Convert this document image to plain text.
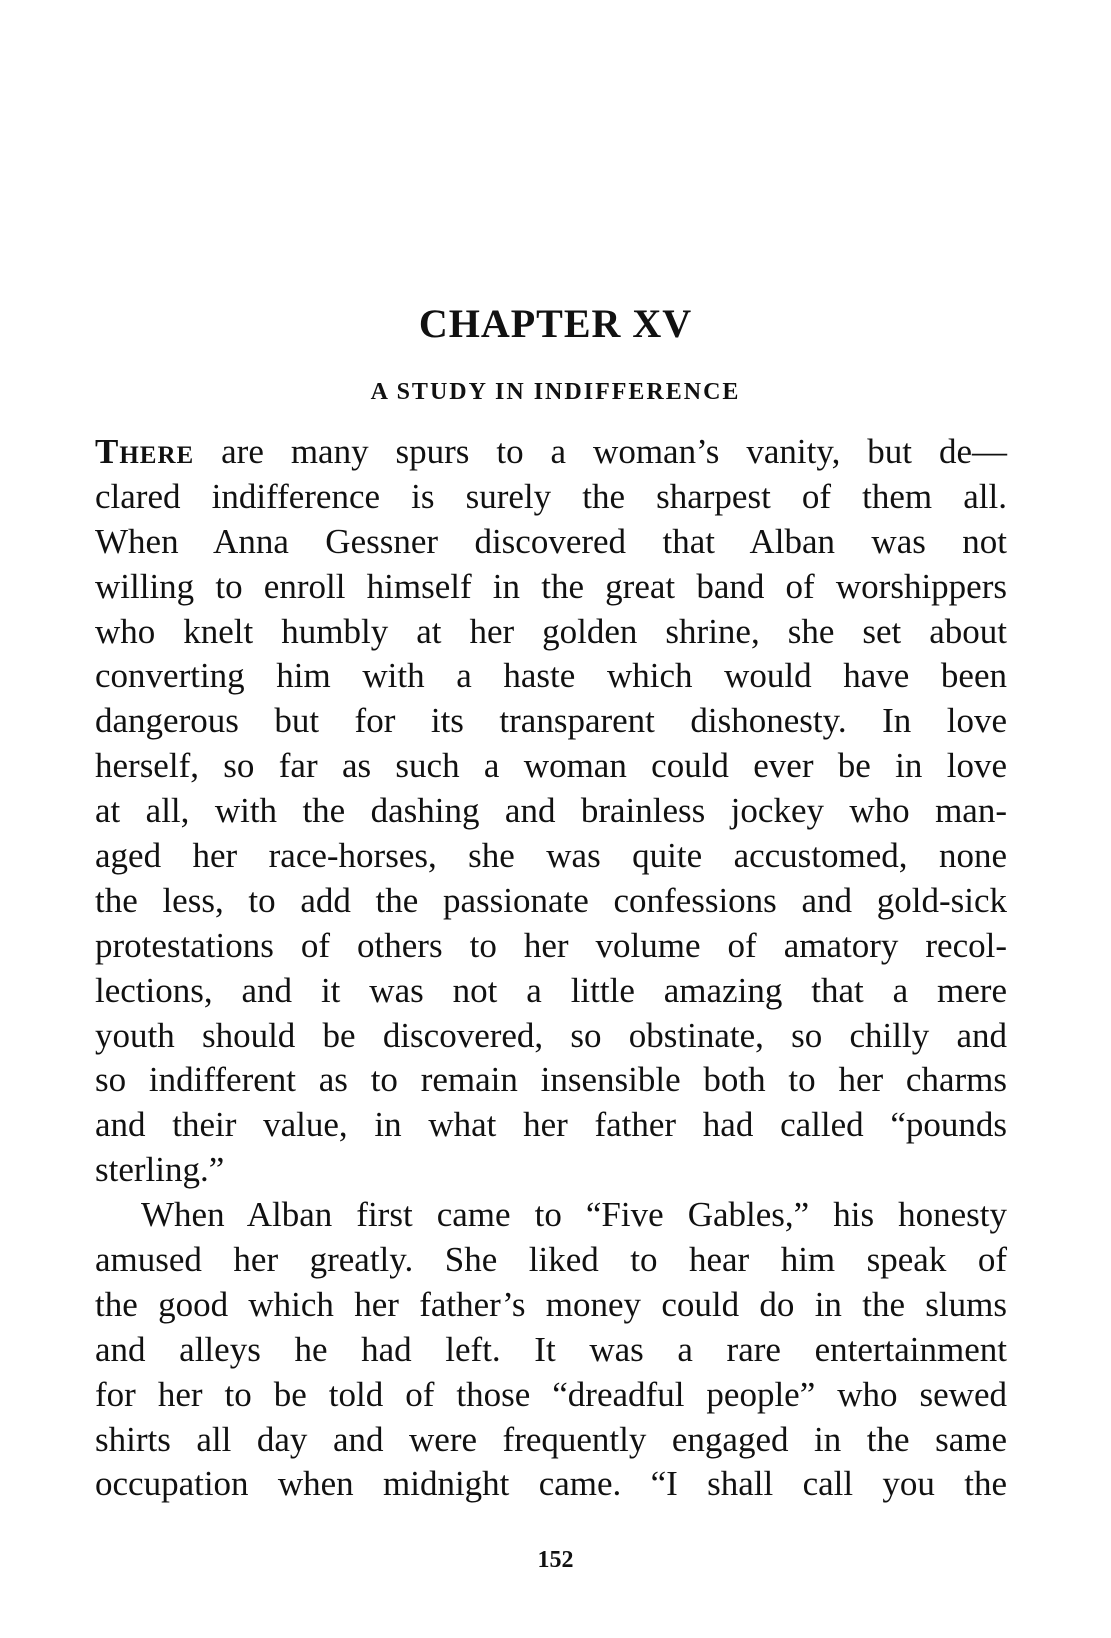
CHAPTER XV
A STUDY IN INDIFFERENCE

There are many spurs to a woman’s vanity, but de—

clared indifference is surely the sharpest of them all.

When Anna Gessner discovered that Alban was not

willing to enroll himself in the great band of worshippers

who knelt humbly at her golden shrine, she set about

converting him with a haste which would have been

dangerous but for its transparent dishonesty. In love

herself, so far as such a woman could ever be in love

at all, with the dashing and brainless jockey who man-

aged her race-horses, she was quite accustomed, none

the less, to add the passionate confessions and gold-sick

protestations of others to her volume of amatory recol-

lections, and it was not a little amazing that a mere

youth should be discovered, so obstinate, so chilly and

so indifferent as to remain insensible both to her charms

and their value, in what her father had called “pounds

sterling.”

When Alban first came to “Five Gables,” his honesty

amused her greatly. She liked to hear him speak of

the good which her father’s money could do in the slums

and alleys he had left. It was a rare entertainment

for her to be told of those “dreadful people” who sewed

shirts all day and were frequently engaged in the same

occupation when midnight came. “I shall call you the

152
